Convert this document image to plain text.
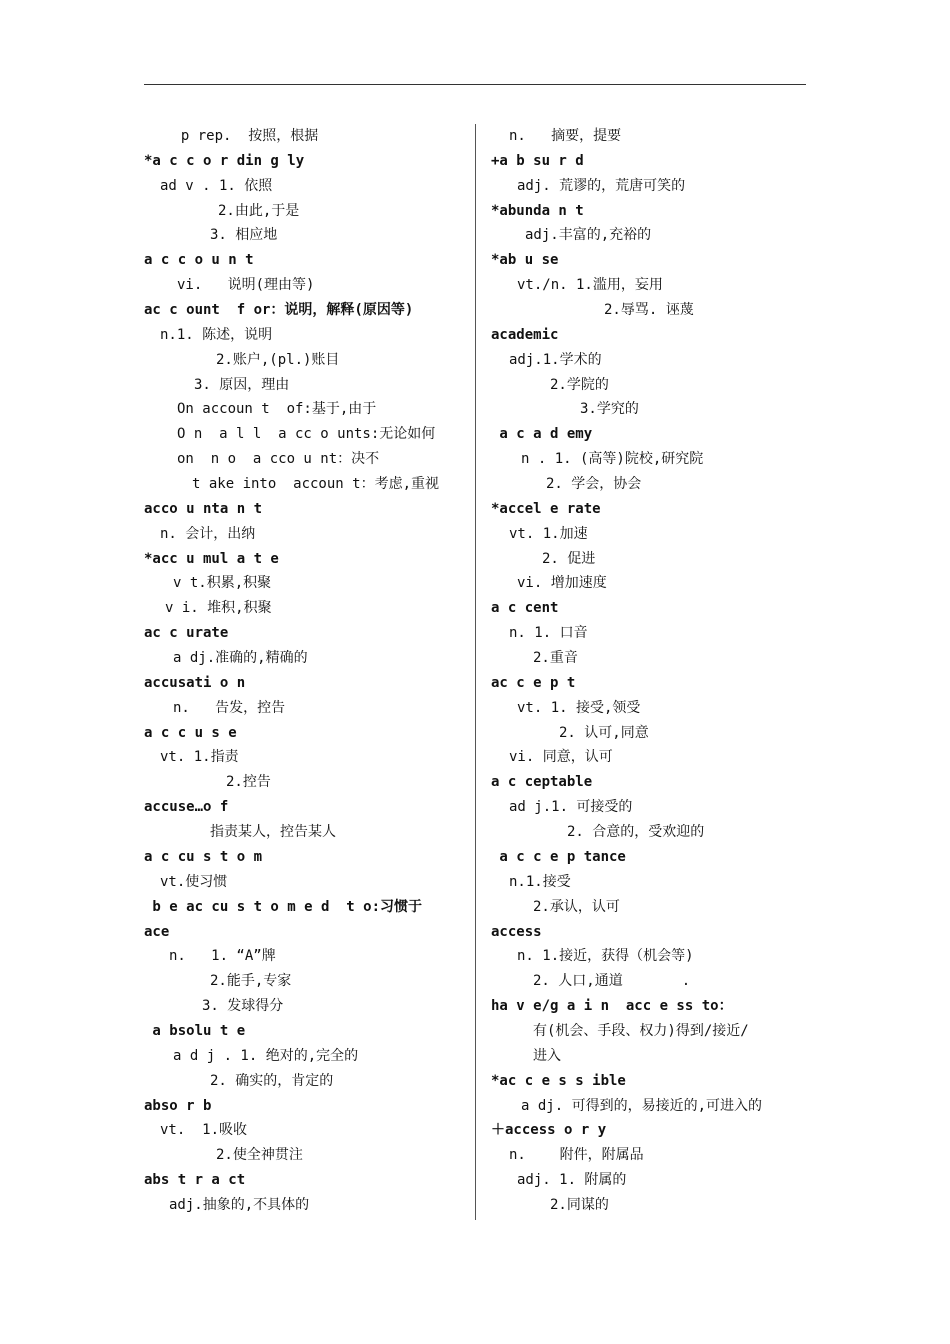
p rep.  按照，根据
*a c c o r din g ly
ad v . 1. 依照
2.由此,于是
3. 相应地
a c c o u n t
vi.   说明(理由等)
ac c ount  f or：说明，解释(原因等)
n.1. 陈述，说明
2.账户,(pl.)账目
3. 原因，理由
On accoun t  of:基于,由于
O n  a l l  a cc o unts:无论如何
on  n o  a cco u nt：决不
t ake into  accoun t：考虑,重视
acco u nta n t
n. 会计，出纳
*acc u mul a t e
v t.积累,积聚
v i. 堆积,积聚
ac c urate
a dj.准确的,精确的
accusati o n
n.   告发，控告
a c c u s e
vt. 1.指责
2.控告
accuse…o f
指责某人，控告某人
a c cu s t o m
vt.使习惯
b e ac cu s t o m e d  t o:习惯于
ace
n.   1. “A”牌
2.能手,专家
3. 发球得分
a bsolu t e
a d j . 1. 绝对的,完全的
2. 确实的，肯定的
abso r b
vt.  1.吸收
2.使全神贯注
abs t r a ct
adj.抽象的,不具体的
n.   摘要，提要
+a b su r d
adj. 荒谬的，荒唐可笑的
*abunda n t
adj.丰富的,充裕的
*ab u se
vt./n. 1.滥用，妄用
2.辱骂. 诬蔑
academic
adj.1.学术的
2.学院的
3.学究的
a c a d emy
n . 1. (高等)院校,研究院
2. 学会，协会
*accel e rate
vt. 1.加速
2. 促进
vi. 增加速度
a c cent
n. 1. 口音
2.重音
ac c e p t
vt. 1. 接受,领受
2. 认可,同意
vi. 同意，认可
a c ceptable
ad j.1. 可接受的
2. 合意的，受欢迎的
a c c e p tance
n.1.接受
2.承认，认可
access
n. 1.接近，获得（机会等)
2. 人口,通道       .
ha v e/g a i n  acc e ss to：
有(机会、手段、权力)得到/接近/
进入
*ac c e s s ible
a dj. 可得到的，易接近的,可进入的
＋access o r y
n.    附件，附属品
adj. 1. 附属的
2.同谋的
